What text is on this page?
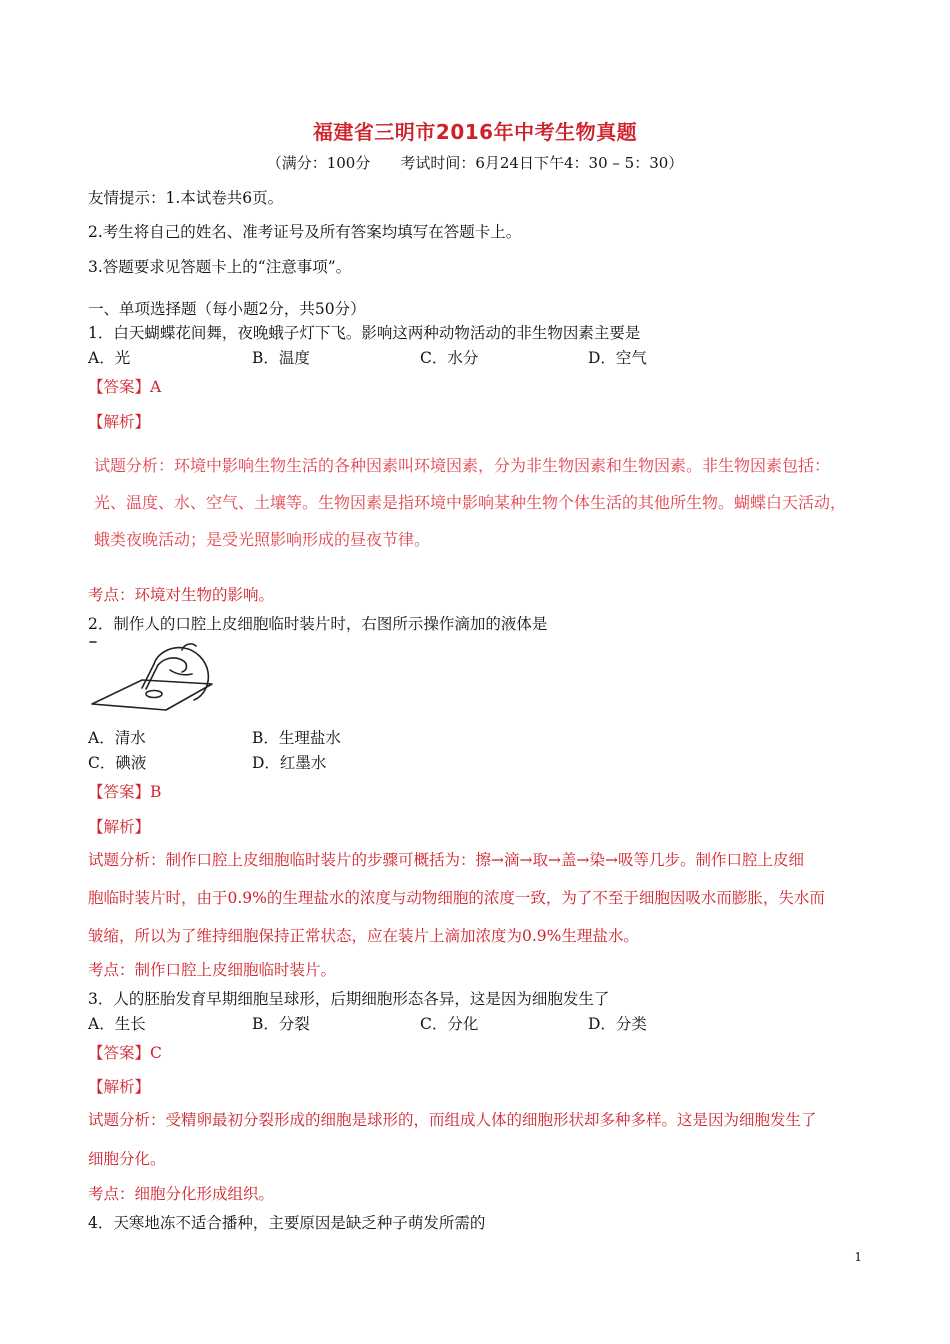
福建省三明市2016年中考生物真题
（满分：100分　　考试时间：6月24日下午4：30 – 5：30）
友情提示：1.本试卷共6页。
2.考生将自己的姓名、准考证号及所有答案均填写在答题卡上。
3.答题要求见答题卡上的“注意事项”。
一、单项选择题（每小题2分，共50分）
1．白天蝴蝶花间舞，夜晚蛾子灯下飞。影响这两种动物活动的非生物因素主要是
A．光	B．温度	C．水分	D．空气
【答案】A
【解析】
试题分析：环境中影响生物生活的各种因素叫环境因素，分为非生物因素和生物因素。非生物因素包括：
光、温度、水、空气、土壤等。生物因素是指环境中影响某种生物个体生活的其他所生物。蝴蝶白天活动，
蛾类夜晚活动；是受光照影响形成的昼夜节律。
考点：环境对生物的影响。
2．制作人的口腔上皮细胞临时装片时，右图所示操作滴加的液体是
A．清水	B．生理盐水
C．碘液	D．红墨水
【答案】B
【解析】
试题分析：制作口腔上皮细胞临时装片的步骤可概括为：擦→滴→取→盖→染→吸等几步。制作口腔上皮细
胞临时装片时，由于0.9%的生理盐水的浓度与动物细胞的浓度一致，为了不至于细胞因吸水而膨胀，失水而
皱缩，所以为了维持细胞保持正常状态，应在装片上滴加浓度为0.9%生理盐水。
考点：制作口腔上皮细胞临时装片。
3．人的胚胎发育早期细胞呈球形，后期细胞形态各异，这是因为细胞发生了
A．生长	B．分裂	C．分化	D．分类
【答案】C
【解析】
试题分析：受精卵最初分裂形成的细胞是球形的，而组成人体的细胞形状却多种多样。这是因为细胞发生了
细胞分化。
考点：细胞分化形成组织。
4．天寒地冻不适合播种，主要原因是缺乏种子萌发所需的
1
